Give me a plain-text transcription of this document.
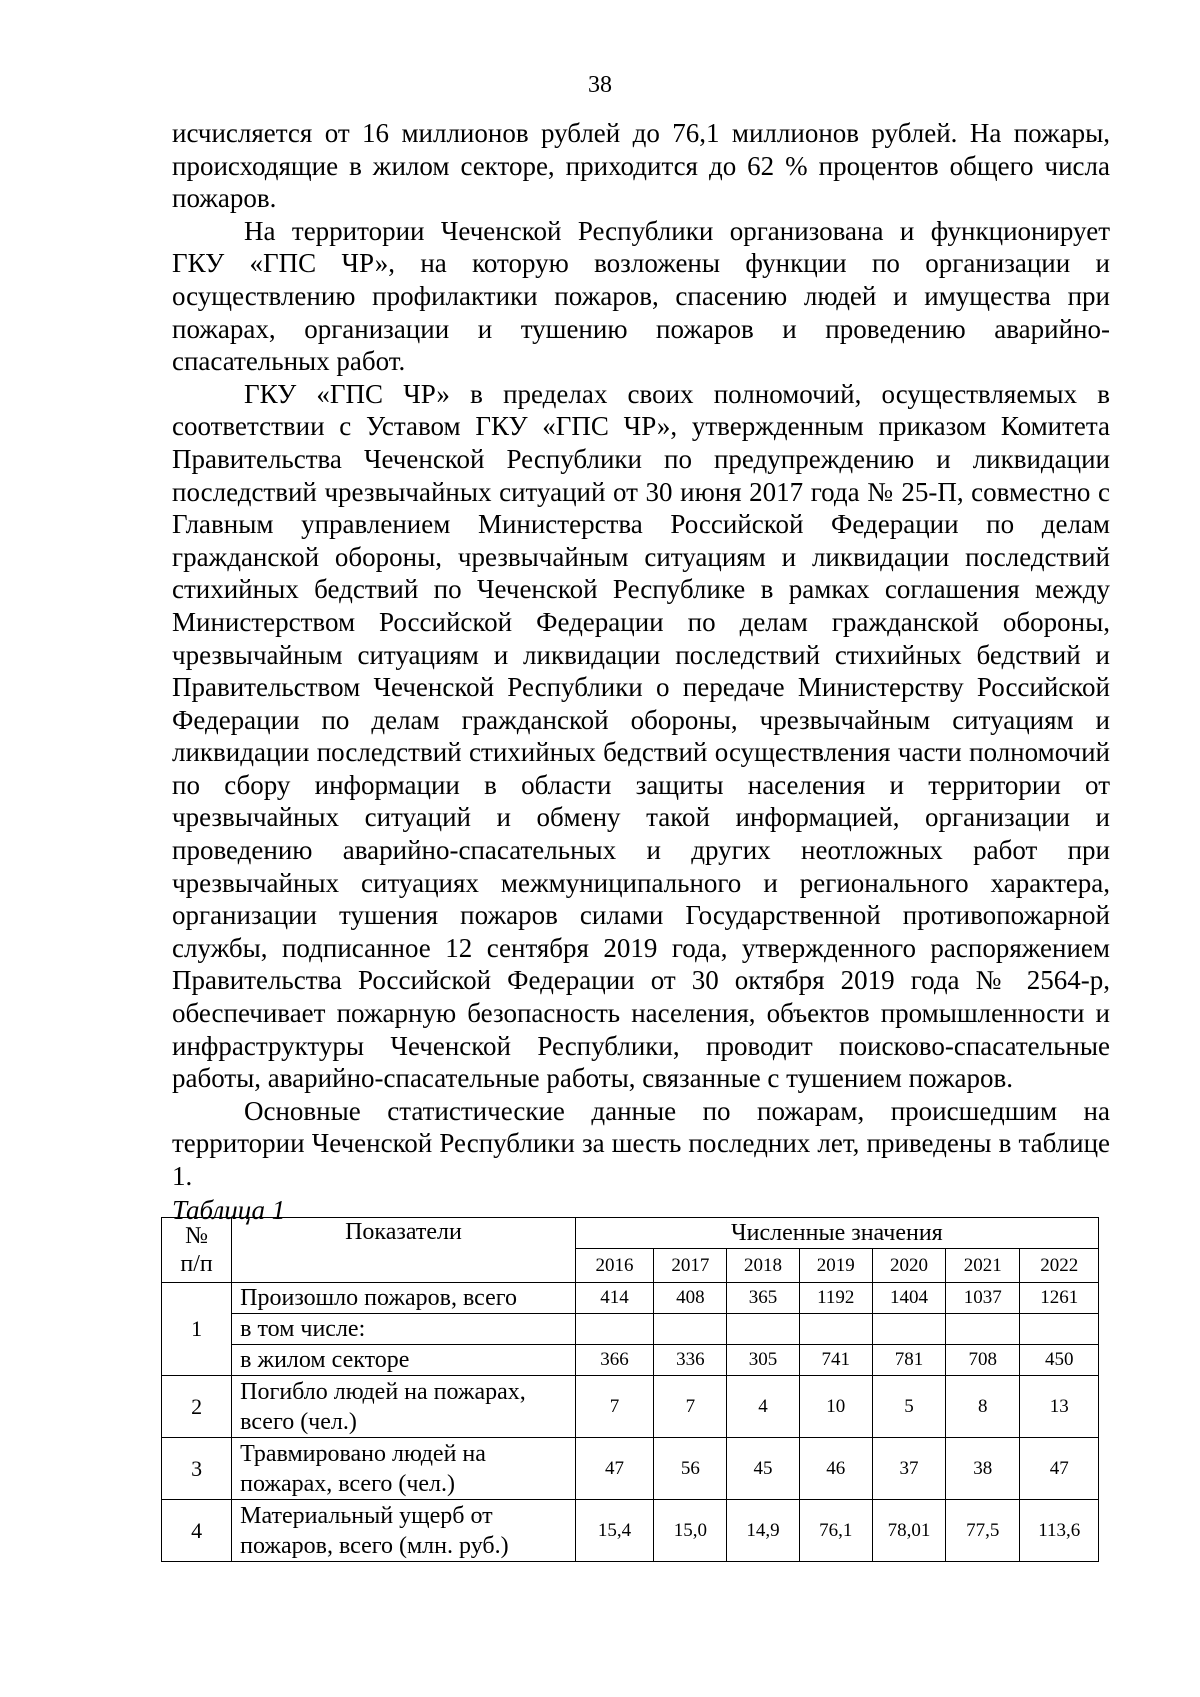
38

исчисляется от 16 миллионов рублей до 76,1 миллионов рублей. На пожары, происходящие в жилом секторе, приходится до 62 % процентов общего числа пожаров.

На территории Чеченской Республики организована и функционирует ГКУ «ГПС ЧР», на которую возложены функции по организации и осуществлению профилактики пожаров, спасению людей и имущества при пожарах, организации и тушению пожаров и проведению аварийно-спасательных работ.

ГКУ «ГПС ЧР» в пределах своих полномочий, осуществляемых в соответствии с Уставом ГКУ «ГПС ЧР», утвержденным приказом Комитета Правительства Чеченской Республики по предупреждению и ликвидации последствий чрезвычайных ситуаций от 30 июня 2017 года № 25-П, совместно с Главным управлением Министерства Российской Федерации по делам гражданской обороны, чрезвычайным ситуациям и ликвидации последствий стихийных бедствий по Чеченской Республике в рамках соглашения между Министерством Российской Федерации по делам гражданской обороны, чрезвычайным ситуациям и ликвидации последствий стихийных бедствий и Правительством Чеченской Республики о передаче Министерству Российской Федерации по делам гражданской обороны, чрезвычайным ситуациям и ликвидации последствий стихийных бедствий осуществления части полномочий по сбору информации в области защиты населения и территории от чрезвычайных ситуаций и обмену такой информацией, организации и проведению аварийно-спасательных и других неотложных работ при чрезвычайных ситуациях межмуниципального и регионального характера, организации тушения пожаров силами Государственной противопожарной службы, подписанное 12 сентября 2019 года, утвержденного распоряжением Правительства Российской Федерации от 30 октября 2019 года № 2564-р, обеспечивает пожарную безопасность населения, объектов промышленности и инфраструктуры Чеченской Республики, проводит поисково-спасательные работы, аварийно-спасательные работы, связанные с тушением пожаров.

Основные статистические данные по пожарам, происшедшим на территории Чеченской Республики за шесть последних лет, приведены в таблице 1.

Таблица 1

№
п/п	Показатели	Численные значения						
		2016	2017	2018	2019	2020	2021	2022
1	Произошло пожаров, всего	414	408	365	1192	1404	1037	1261
	в том числе:							
	в жилом секторе	366	336	305	741	781	708	450
2	Погибло людей на пожарах, всего (чел.)	7	7	4	10	5	8	13
3	Травмировано людей на пожарах, всего (чел.)	47	56	45	46	37	38	47
4	Материальный ущерб от пожаров, всего (млн. руб.)	15,4	15,0	14,9	76,1	78,01	77,5	113,6
